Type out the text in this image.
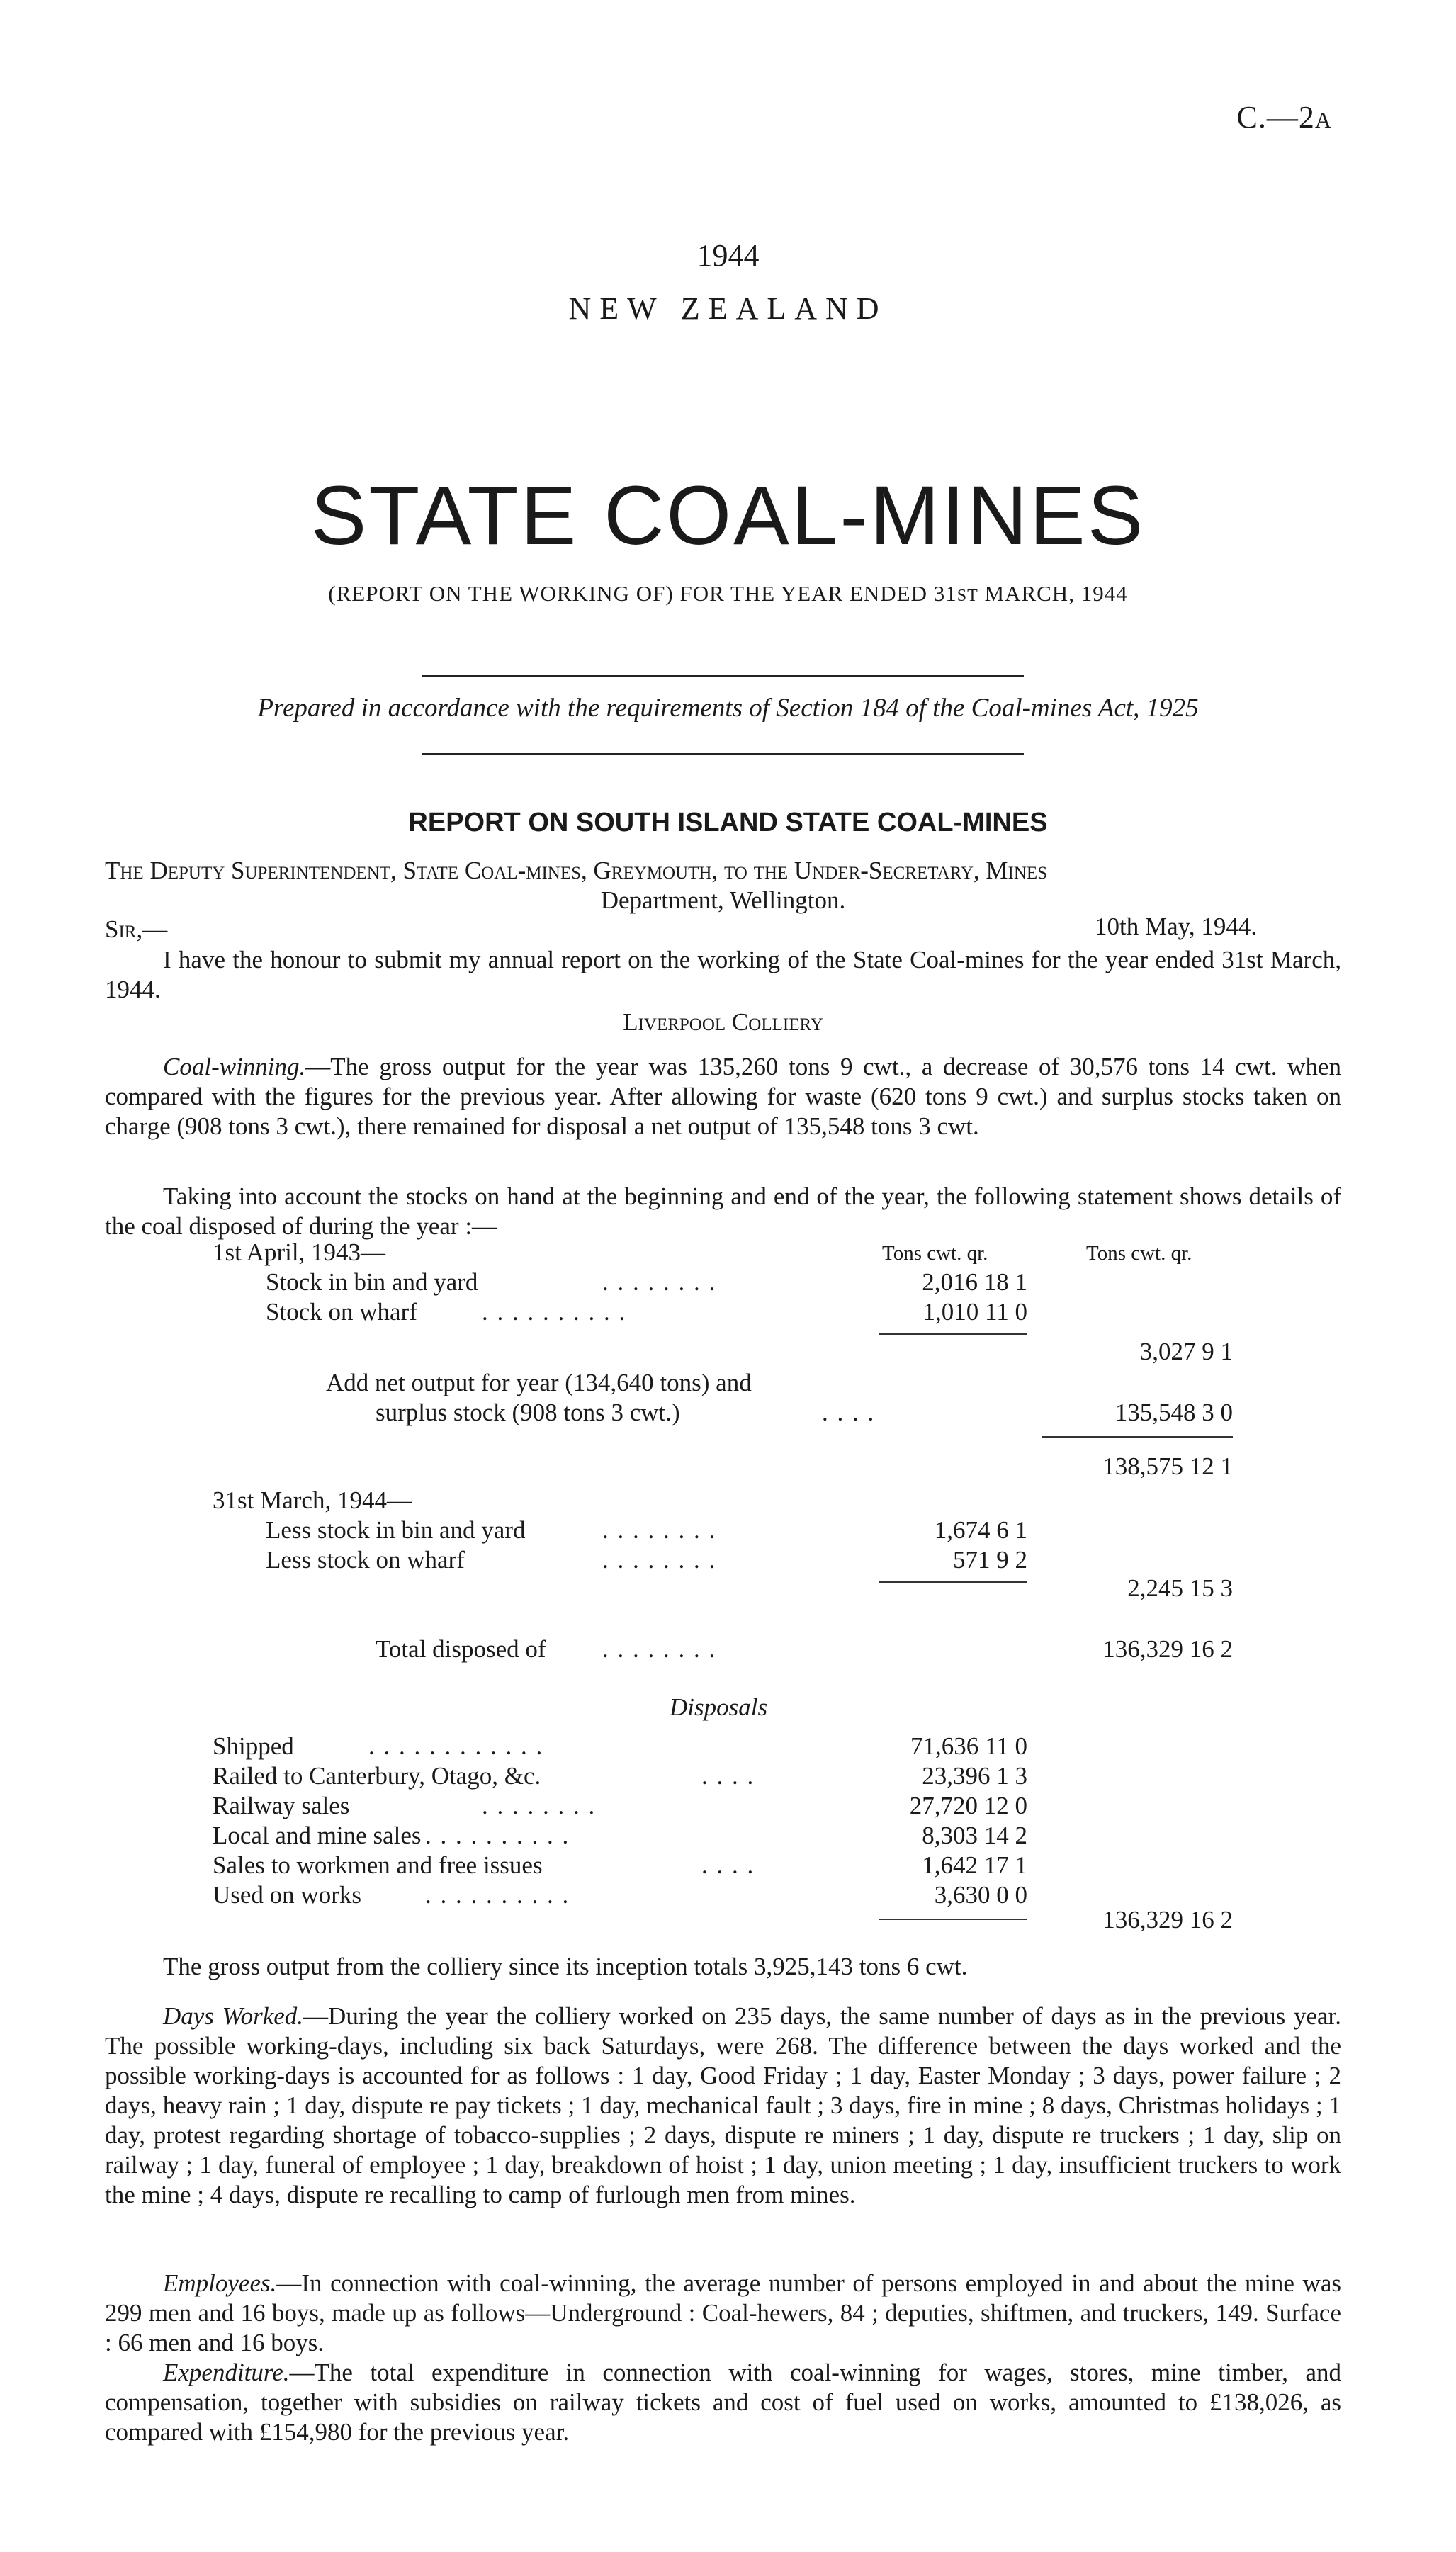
C.—2A
1944
NEW ZEALAND
STATE COAL-MINES
(REPORT ON THE WORKING OF) FOR THE YEAR ENDED 31ST MARCH, 1944
Prepared in accordance with the requirements of Section 184 of the Coal-mines Act, 1925
REPORT ON SOUTH ISLAND STATE COAL-MINES
The Deputy Superintendent, State Coal-mines, Greymouth, to the Under-Secretary, Mines
Department, Wellington.
Sir,—	10th May, 1944.
I have the honour to submit my annual report on the working of the State Coal-mines for the year ended 31st March, 1944.
Liverpool Colliery
Coal-winning.—The gross output for the year was 135,260 tons 9 cwt., a decrease of 30,576 tons 14 cwt. when compared with the figures for the previous year. After allowing for waste (620 tons 9 cwt.) and surplus stocks taken on charge (908 tons 3 cwt.), there remained for disposal a net output of 135,548 tons 3 cwt.
Taking into account the stocks on hand at the beginning and end of the year, the following statement shows details of the coal disposed of during the year :—
Tons cwt. qr.	Tons cwt. qr.
1st April, 1943—
Stock in bin and yard	. . . . . . . .	2,016 18 1
Stock on wharf	. . . . . . . . . .	1,010 11 0
3,027 9 1
Add net output for year (134,640 tons) and
surplus stock (908 tons 3 cwt.)	. . . .	135,548 3 0
138,575 12 1
31st March, 1944—
Less stock in bin and yard	. . . . . . . .	1,674 6 1
Less stock on wharf	. . . . . . . .	571 9 2
2,245 15 3
Total disposed of . . . . . . . .	136,329 16 2
Disposals
Shipped	. . . . . . . . . . . .	71,636 11 0
Railed to Canterbury, Otago, &c.	. . . .	23,396 1 3
Railway sales	. . . . . . . .	27,720 12 0
Local and mine sales . . . . . . . . . .	8,303 14 2
Sales to workmen and free issues	. . . .	1,642 17 1
Used on works	. . . . . . . . . .	3,630 0 0
136,329 16 2
The gross output from the colliery since its inception totals 3,925,143 tons 6 cwt.
Days Worked.—During the year the colliery worked on 235 days, the same number of days as in the previous year. The possible working-days, including six back Saturdays, were 268. The difference between the days worked and the possible working-days is accounted for as follows : 1 day, Good Friday ; 1 day, Easter Monday ; 3 days, power failure ; 2 days, heavy rain ; 1 day, dispute re pay tickets ; 1 day, mechanical fault ; 3 days, fire in mine ; 8 days, Christmas holidays ; 1 day, protest regarding shortage of tobacco-supplies ; 2 days, dispute re miners ; 1 day, dispute re truckers ; 1 day, slip on railway ; 1 day, funeral of employee ; 1 day, breakdown of hoist ; 1 day, union meeting ; 1 day, insufficient truckers to work the mine ; 4 days, dispute re recalling to camp of furlough men from mines.
Employees.—In connection with coal-winning, the average number of persons employed in and about the mine was 299 men and 16 boys, made up as follows—Underground : Coal-hewers, 84 ; deputies, shiftmen, and truckers, 149. Surface : 66 men and 16 boys.
Expenditure.—The total expenditure in connection with coal-winning for wages, stores, mine timber, and compensation, together with subsidies on railway tickets and cost of fuel used on works, amounted to £138,026, as compared with £154,980 for the previous year.
